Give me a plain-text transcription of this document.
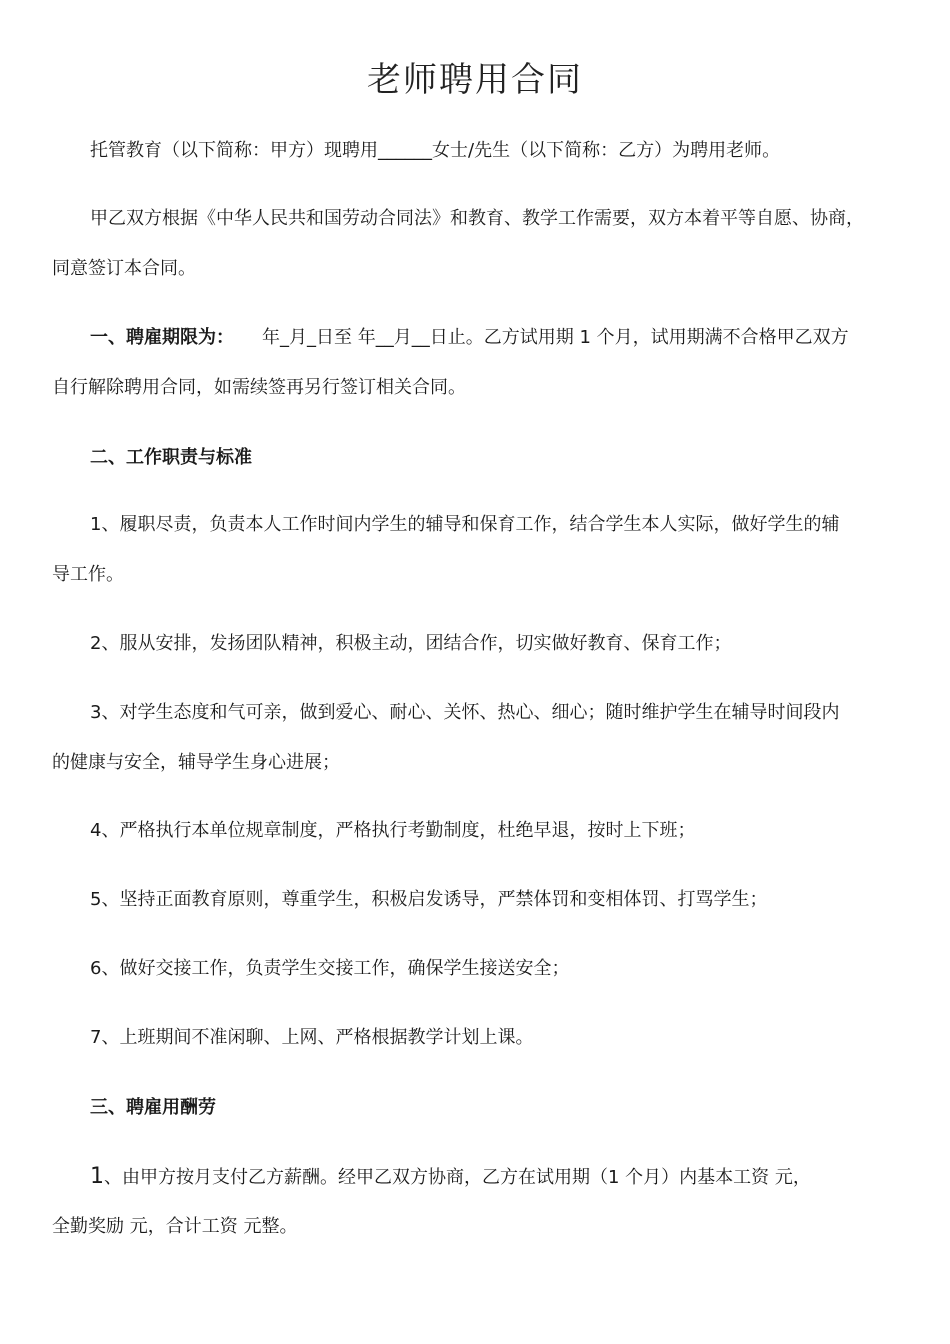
老师聘用合同
托管教育（以下简称：甲方）现聘用______女士/先生（以下简称：乙方）为聘用老师。
甲乙双方根据《中华人民共和国劳动合同法》和教育、教学工作需要，双方本着平等自愿、协商，
同意签订本合同。
一、聘雇期限为： 年_月_日至 年__月__日止。乙方试用期 1 个月，试用期满不合格甲乙双方
自行解除聘用合同，如需续签再另行签订相关合同。
二、工作职责与标准
1、履职尽责，负责本人工作时间内学生的辅导和保育工作，结合学生本人实际，做好学生的辅
导工作。
2、服从安排，发扬团队精神，积极主动，团结合作，切实做好教育、保育工作；
3、对学生态度和气可亲，做到爱心、耐心、关怀、热心、细心；随时维护学生在辅导时间段内
的健康与安全，辅导学生身心进展；
4、严格执行本单位规章制度，严格执行考勤制度，杜绝早退，按时上下班；
5、坚持正面教育原则，尊重学生，积极启发诱导，严禁体罚和变相体罚、打骂学生；
6、做好交接工作，负责学生交接工作，确保学生接送安全；
7、上班期间不准闲聊、上网、严格根据教学计划上课。
三、聘雇用酬劳
1、由甲方按月支付乙方薪酬。经甲乙双方协商，乙方在试用期（1 个月）内基本工资 元，
全勤奖励 元，合计工资 元整。
